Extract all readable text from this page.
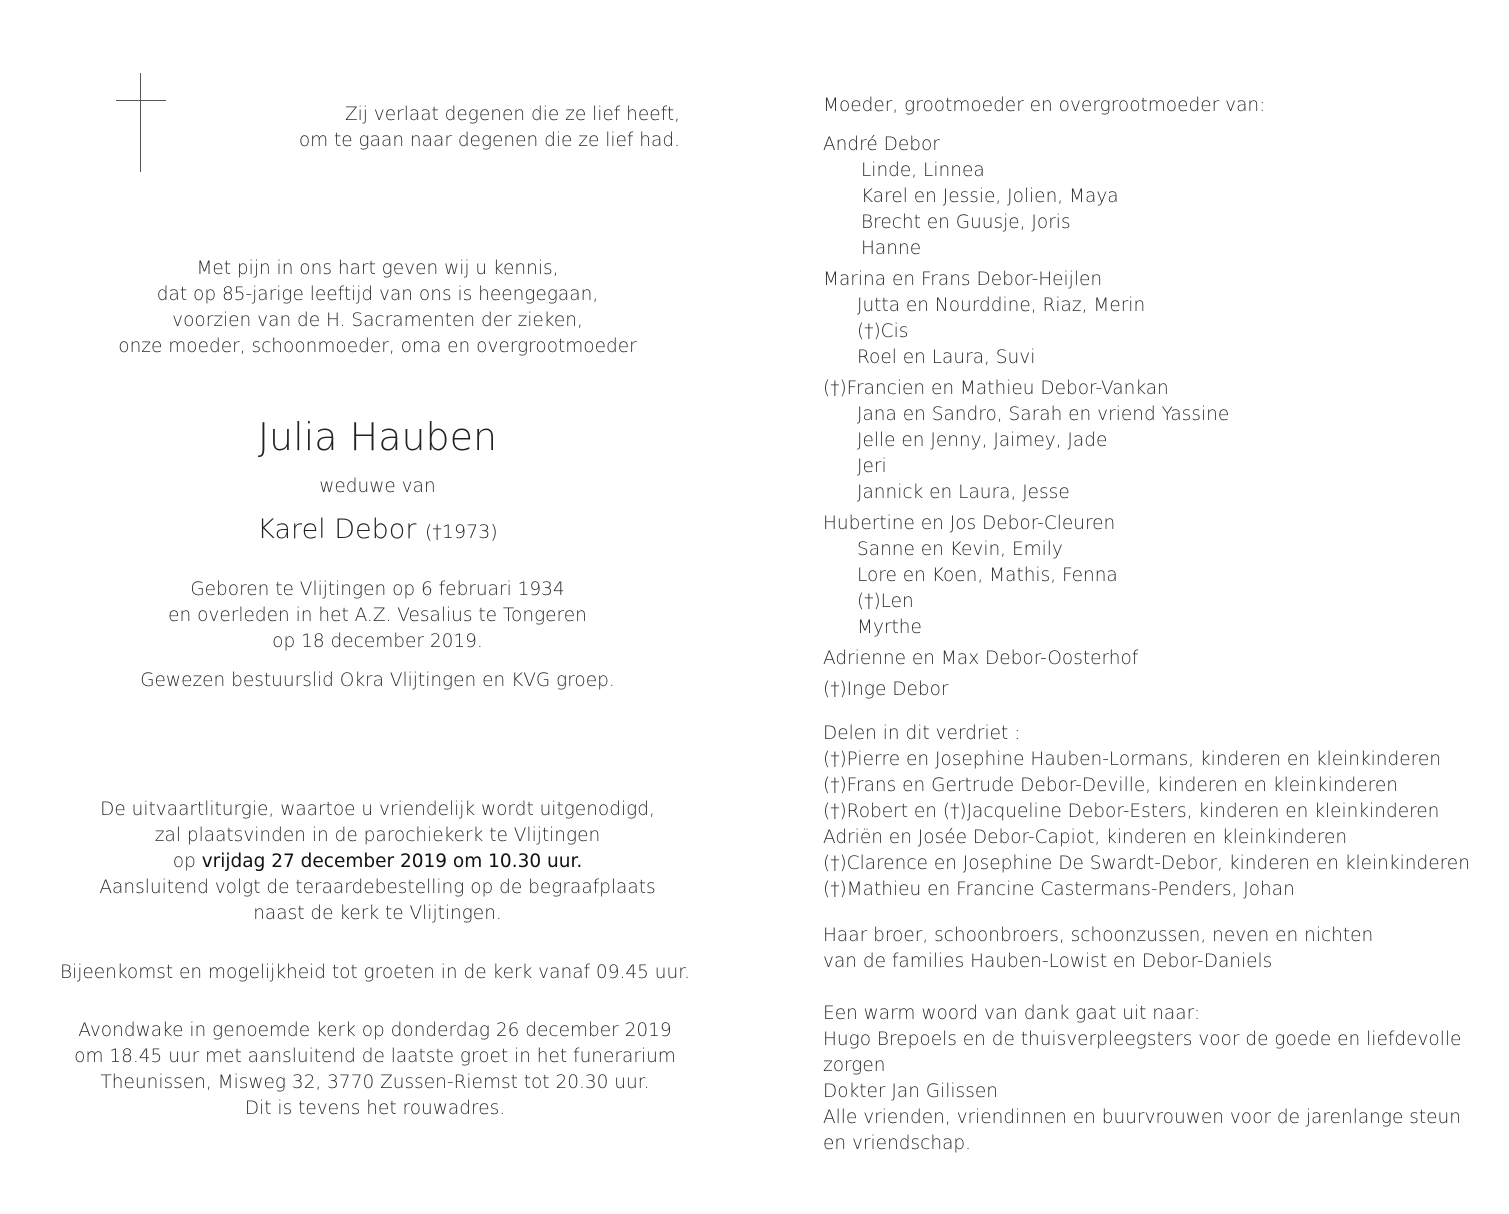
Zij verlaat degenen die ze lief heeft,
om te gaan naar degenen die ze lief had.
Met pijn in ons hart geven wij u kennis,
dat op 85-jarige leeftijd van ons is heengegaan,
voorzien van de H. Sacramenten der zieken,
onze moeder, schoonmoeder, oma en overgrootmoeder
Julia Hauben
weduwe van
Karel Debor (†1973)
Geboren te Vlijtingen op 6 februari 1934
en overleden in het A.Z. Vesalius te Tongeren
op 18 december 2019.
Gewezen bestuurslid Okra Vlijtingen en KVG groep.
De uitvaartliturgie, waartoe u vriendelijk wordt uitgenodigd,
zal plaatsvinden in de parochiekerk te Vlijtingen
op vrijdag 27 december 2019 om 10.30 uur.
Aansluitend volgt de teraardebestelling op de begraafplaats
naast de kerk te Vlijtingen.
Bijeenkomst en mogelijkheid tot groeten in de kerk vanaf 09.45 uur.
Avondwake in genoemde kerk op donderdag 26 december 2019
om 18.45 uur met aansluitend de laatste groet in het funerarium
Theunissen, Misweg 32, 3770 Zussen-Riemst tot 20.30 uur.
Dit is tevens het rouwadres.
Moeder, grootmoeder en overgrootmoeder van:
André Debor
Linde, Linnea
Karel en Jessie, Jolien, Maya
Brecht en Guusje, Joris
Hanne
Marina en Frans Debor-Heijlen
Jutta en Nourddine, Riaz, Merin
(†)Cis
Roel en Laura, Suvi
(†)Francien en Mathieu Debor-Vankan
Jana en Sandro, Sarah en vriend Yassine
Jelle en Jenny, Jaimey, Jade
Jeri
Jannick en Laura, Jesse
Hubertine en Jos Debor-Cleuren
Sanne en Kevin, Emily
Lore en Koen, Mathis, Fenna
(†)Len
Myrthe
Adrienne en Max Debor-Oosterhof
(†)Inge Debor
Delen in dit verdriet :
(†)Pierre en Josephine Hauben-Lormans, kinderen en kleinkinderen
(†)Frans en Gertrude Debor-Deville, kinderen en kleinkinderen
(†)Robert en (†)Jacqueline Debor-Esters, kinderen en kleinkinderen
Adriën en Josée Debor-Capiot, kinderen en kleinkinderen
(†)Clarence en Josephine De Swardt-Debor, kinderen en kleinkinderen
(†)Mathieu en Francine Castermans-Penders, Johan
Haar broer, schoonbroers, schoonzussen, neven en nichten
van de families Hauben-Lowist en Debor-Daniels
Een warm woord van dank gaat uit naar:
Hugo Brepoels en de thuisverpleegsters voor de goede en liefdevolle
zorgen
Dokter Jan Gilissen
Alle vrienden, vriendinnen en buurvrouwen voor de jarenlange steun
en vriendschap.
